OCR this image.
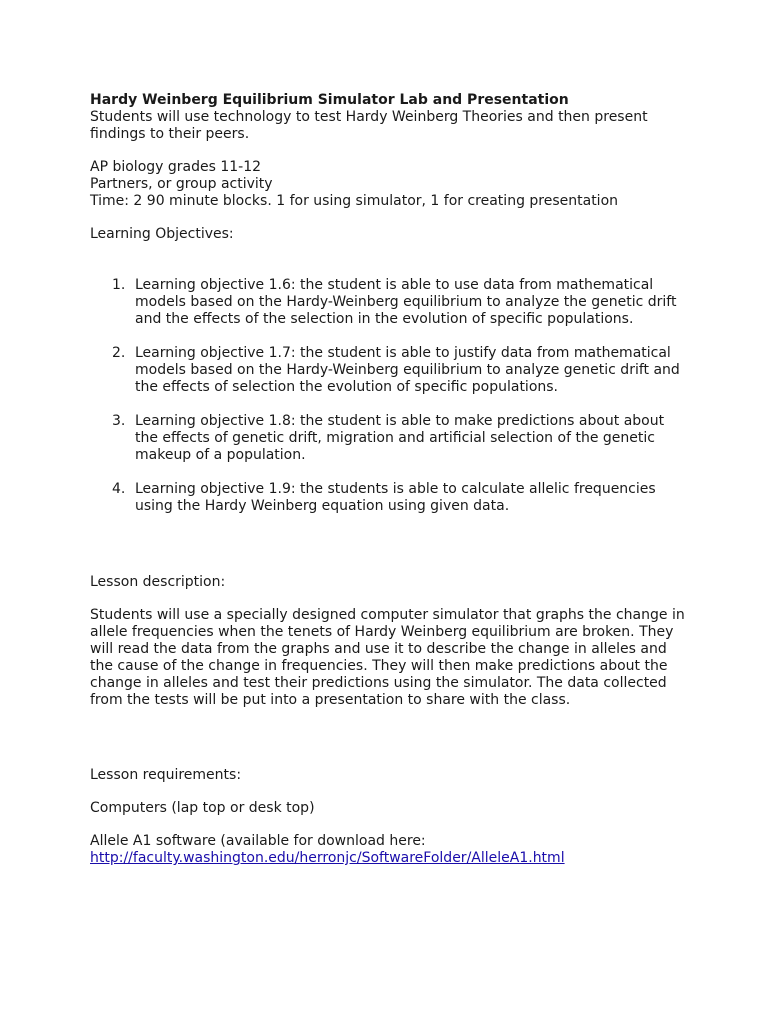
Hardy Weinberg Equilibrium Simulator Lab and Presentation

Students will use technology to test Hardy Weinberg Theories and then present findings to their peers.

AP biology grades 11-12

Partners, or group activity

Time: 2 90 minute blocks. 1 for using simulator, 1 for creating presentation

Learning Objectives:

1. Learning objective 1.6: the student is able to use data from mathematical models based on the Hardy-Weinberg equilibrium to analyze the genetic drift and the effects of the selection in the evolution of specific populations.
2. Learning objective 1.7: the student is able to justify data from mathematical models based on the Hardy-Weinberg equilibrium to analyze genetic drift and the effects of selection the evolution of specific populations.
3. Learning objective 1.8: the student is able to make predictions about about the effects of genetic drift, migration and artificial selection of the genetic makeup of a population.
4. Learning objective 1.9: the students is able to calculate allelic frequencies using the Hardy Weinberg equation using given data.

Lesson description:

Students will use a specially designed computer simulator that graphs the change in allele frequencies when the tenets of Hardy Weinberg equilibrium are broken. They will read the data from the graphs and use it to describe the change in alleles and the cause of the change in frequencies. They will then make predictions about the change in alleles and test their predictions using the simulator. The data collected from the tests will be put into a presentation to share with the class.

Lesson requirements:

Computers (lap top or desk top)

Allele A1 software (available for download here:

http://faculty.washington.edu/herronjc/SoftwareFolder/AlleleA1.html
